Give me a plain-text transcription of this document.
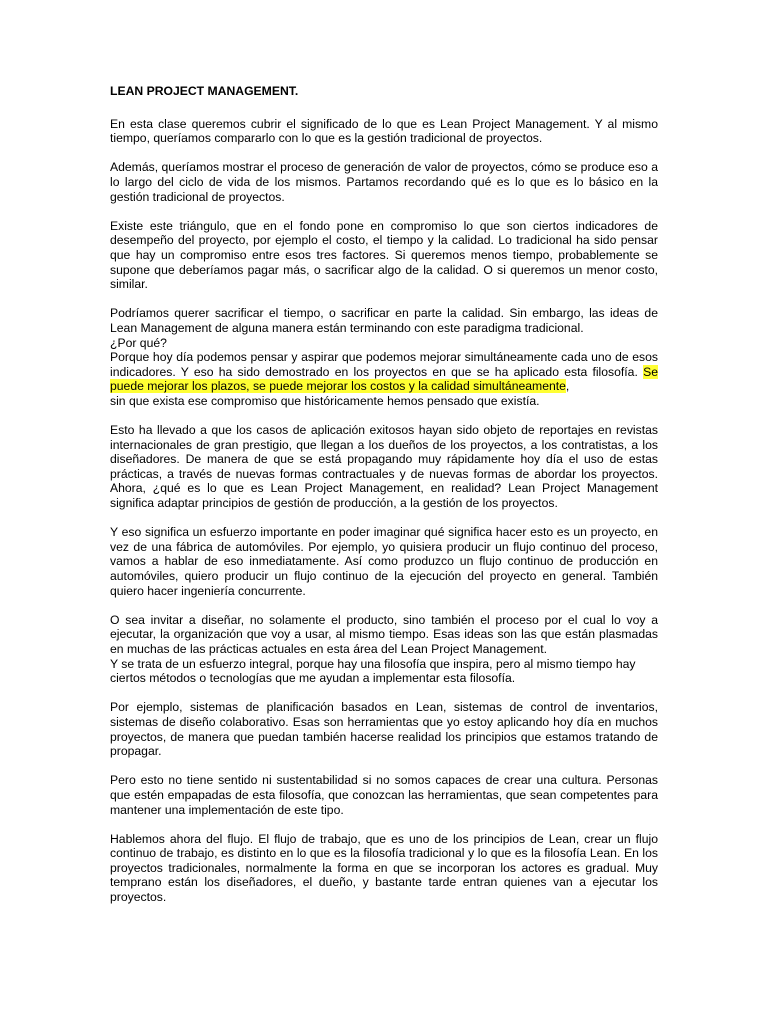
LEAN PROJECT MANAGEMENT.

En esta clase queremos cubrir el significado de lo que es Lean Project Management. Y al mismo tiempo, queríamos compararlo con lo que es la gestión tradicional de proyectos.

Además, queríamos mostrar el proceso de generación de valor de proyectos, cómo se produce eso a lo largo del ciclo de vida de los mismos. Partamos recordando qué es lo que es lo básico en la gestión tradicional de proyectos.

Existe este triángulo, que en el fondo pone en compromiso lo que son ciertos indicadores de desempeño del proyecto, por ejemplo el costo, el tiempo y la calidad. Lo tradicional ha sido pensar que hay un compromiso entre esos tres factores. Si queremos menos tiempo, probablemente se supone que deberíamos pagar más, o sacrificar algo de la calidad. O si queremos un menor costo, similar.

Podríamos querer sacrificar el tiempo, o sacrificar en parte la calidad. Sin embargo, las ideas de Lean Management de alguna manera están terminando con este paradigma tradicional.
¿Por qué?
Porque hoy día podemos pensar y aspirar que podemos mejorar simultáneamente cada uno de esos indicadores. Y eso ha sido demostrado en los proyectos en que se ha aplicado esta filosofía. Se puede mejorar los plazos, se puede mejorar los costos y la calidad simultáneamente,
sin que exista ese compromiso que históricamente hemos pensado que existía.

Esto ha llevado a que los casos de aplicación exitosos hayan sido objeto de reportajes en revistas internacionales de gran prestigio, que llegan a los dueños de los proyectos, a los contratistas, a los diseñadores. De manera de que se está propagando muy rápidamente hoy día el uso de estas prácticas, a través de nuevas formas contractuales y de nuevas formas de abordar los proyectos. Ahora, ¿qué es lo que es Lean Project Management, en realidad? Lean Project Management significa adaptar principios de gestión de producción, a la gestión de los proyectos.

Y eso significa un esfuerzo importante en poder imaginar qué significa hacer esto es un proyecto, en vez de una fábrica de automóviles. Por ejemplo, yo quisiera producir un flujo continuo del proceso, vamos a hablar de eso inmediatamente. Así como produzco un flujo continuo de producción en automóviles, quiero producir un flujo continuo de la ejecución del proyecto en general. También quiero hacer ingeniería concurrente.

O sea invitar a diseñar, no solamente el producto, sino también el proceso por el cual lo voy a ejecutar, la organización que voy a usar, al mismo tiempo. Esas ideas son las que están plasmadas en muchas de las prácticas actuales en esta área del Lean Project Management.
Y se trata de un esfuerzo integral, porque hay una filosofía que inspira, pero al mismo tiempo hay
ciertos métodos o tecnologías que me ayudan a implementar esta filosofía.

Por ejemplo, sistemas de planificación basados en Lean, sistemas de control de inventarios, sistemas de diseño colaborativo. Esas son herramientas que yo estoy aplicando hoy día en muchos proyectos, de manera que puedan también hacerse realidad los principios que estamos tratando de propagar.

Pero esto no tiene sentido ni sustentabilidad si no somos capaces de crear una cultura. Personas que estén empapadas de esta filosofía, que conozcan las herramientas, que sean competentes para mantener una implementación de este tipo.

Hablemos ahora del flujo. El flujo de trabajo, que es uno de los principios de Lean, crear un flujo continuo de trabajo, es distinto en lo que es la filosofía tradicional y lo que es la filosofía Lean. En los proyectos tradicionales, normalmente la forma en que se incorporan los actores es gradual. Muy temprano están los diseñadores, el dueño, y bastante tarde entran quienes van a ejecutar los proyectos.
